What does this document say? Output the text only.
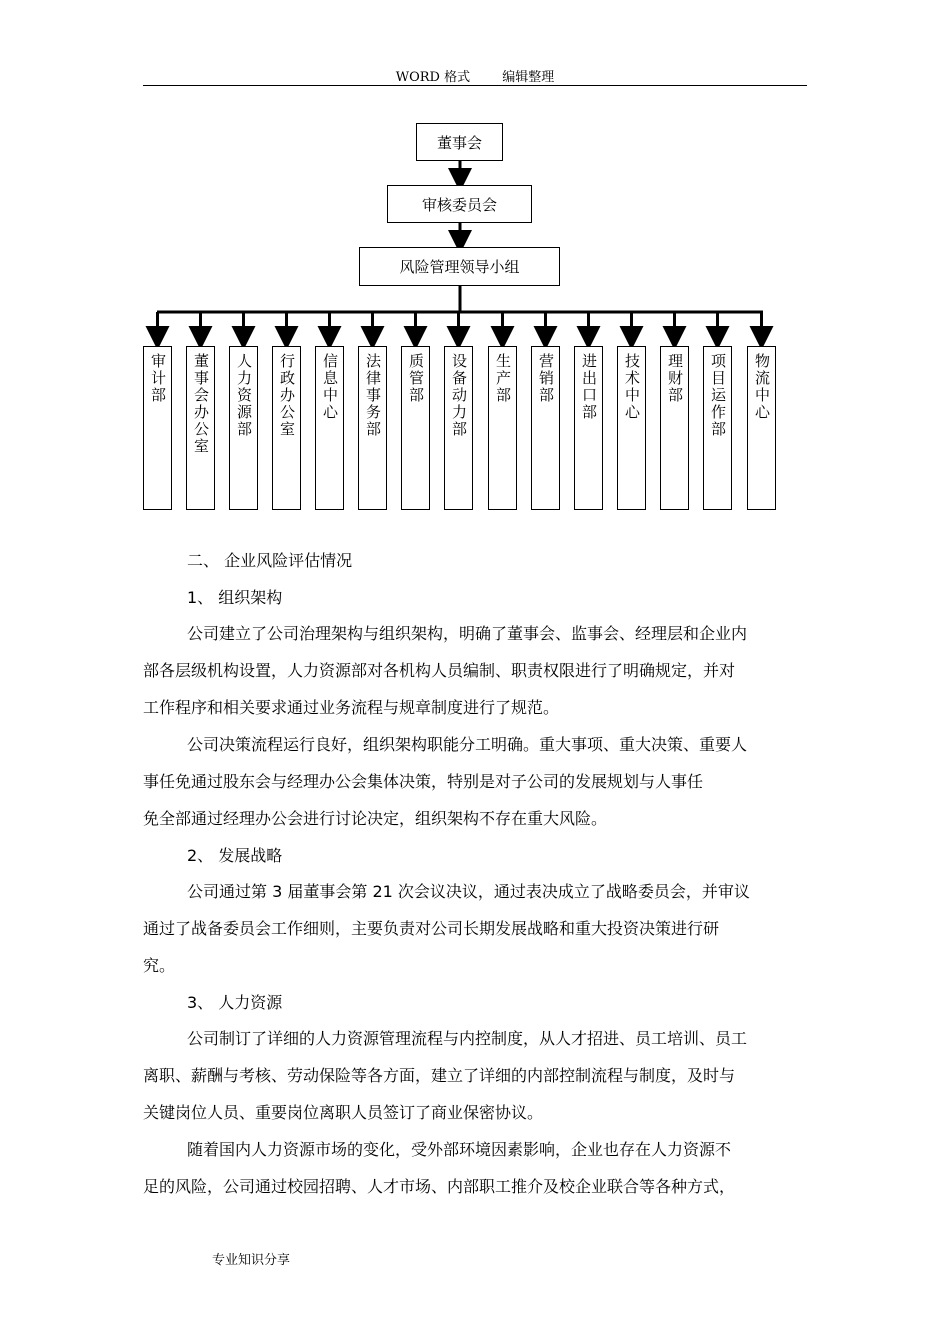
WORD 格式 编辑整理
董事会
审核委员会
风险管理领导小组
审计部	董事会办公室	人力资源部	行政办公室	信息中心	法律事务部	质管部	设备动力部	生产部	营销部	进出口部	技术中心	理财部	项目运作部	物流中心
二、 企业风险评估情况
1、 组织架构
公司建立了公司治理架构与组织架构，明确了董事会、监事会、经理层和企业内
部各层级机构设置，人力资源部对各机构人员编制、职责权限进行了明确规定，并对
工作程序和相关要求通过业务流程与规章制度进行了规范。
公司决策流程运行良好，组织架构职能分工明确。重大事项、重大决策、重要人
事任免通过股东会与经理办公会集体决策，特别是对子公司的发展规划与人事任
免全部通过经理办公会进行讨论决定，组织架构不存在重大风险。
2、 发展战略
公司通过第 3 届董事会第 21 次会议决议，通过表决成立了战略委员会，并审议
通过了战备委员会工作细则，主要负责对公司长期发展战略和重大投资决策进行研
究。
3、 人力资源
公司制订了详细的人力资源管理流程与内控制度，从人才招进、员工培训、员工
离职、薪酬与考核、劳动保险等各方面，建立了详细的内部控制流程与制度，及时与
关键岗位人员、重要岗位离职人员签订了商业保密协议。
随着国内人力资源市场的变化，受外部环境因素影响，企业也存在人力资源不
足的风险，公司通过校园招聘、人才市场、内部职工推介及校企业联合等各种方式，
专业知识分享
